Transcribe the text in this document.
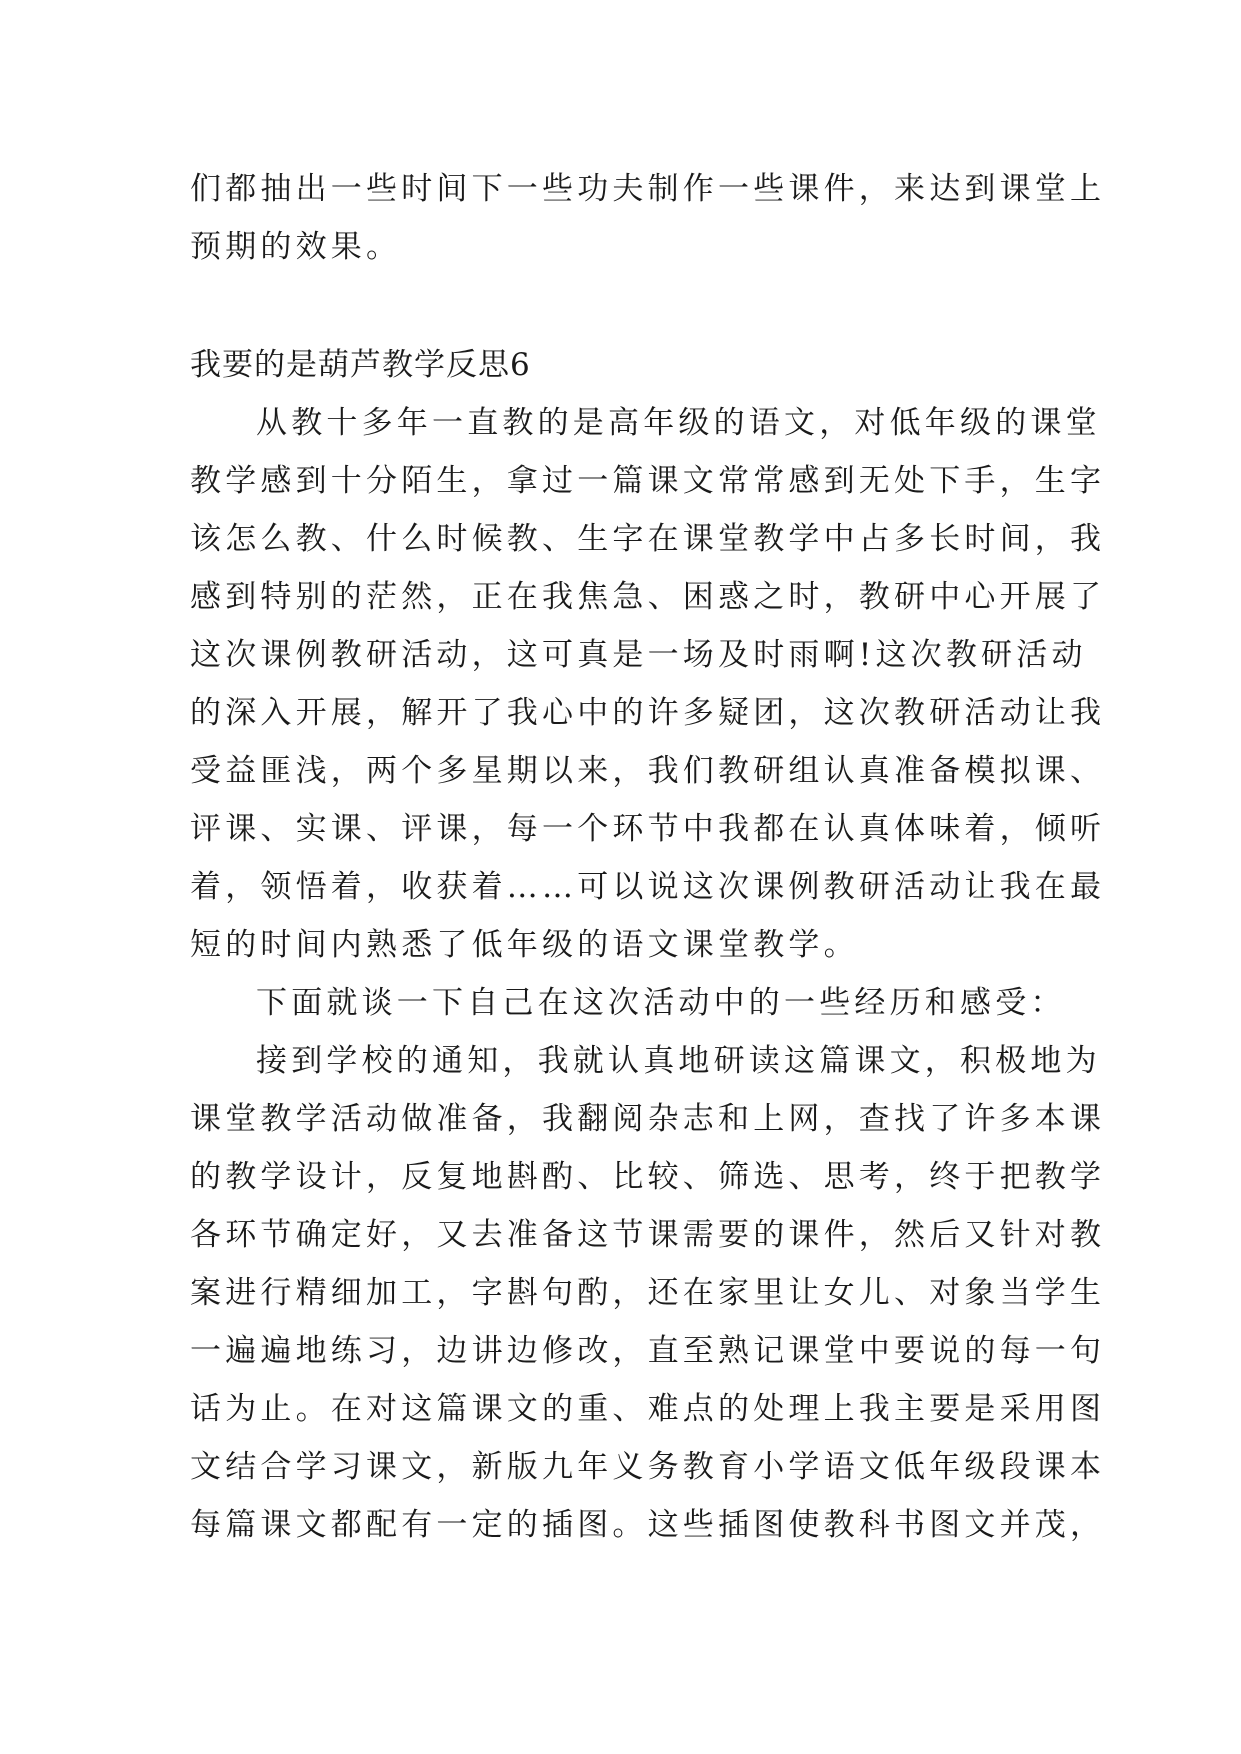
们都抽出一些时间下一些功夫制作一些课件，来达到课堂上
预期的效果。
我要的是葫芦教学反思6
从教十多年一直教的是高年级的语文，对低年级的课堂
教学感到十分陌生，拿过一篇课文常常感到无处下手，生字
该怎么教、什么时候教、生字在课堂教学中占多长时间，我
感到特别的茫然，正在我焦急、困惑之时，教研中心开展了
这次课例教研活动，这可真是一场及时雨啊!这次教研活动
的深入开展，解开了我心中的许多疑团，这次教研活动让我
受益匪浅，两个多星期以来，我们教研组认真准备模拟课、
评课、实课、评课，每一个环节中我都在认真体味着，倾听
着，领悟着，收获着……可以说这次课例教研活动让我在最
短的时间内熟悉了低年级的语文课堂教学。
下面就谈一下自己在这次活动中的一些经历和感受：
接到学校的通知，我就认真地研读这篇课文，积极地为
课堂教学活动做准备，我翻阅杂志和上网，查找了许多本课
的教学设计，反复地斟酌、比较、筛选、思考，终于把教学
各环节确定好，又去准备这节课需要的课件，然后又针对教
案进行精细加工，字斟句酌，还在家里让女儿、对象当学生
一遍遍地练习，边讲边修改，直至熟记课堂中要说的每一句
话为止。在对这篇课文的重、难点的处理上我主要是采用图
文结合学习课文，新版九年义务教育小学语文低年级段课本
每篇课文都配有一定的插图。这些插图使教科书图文并茂，
